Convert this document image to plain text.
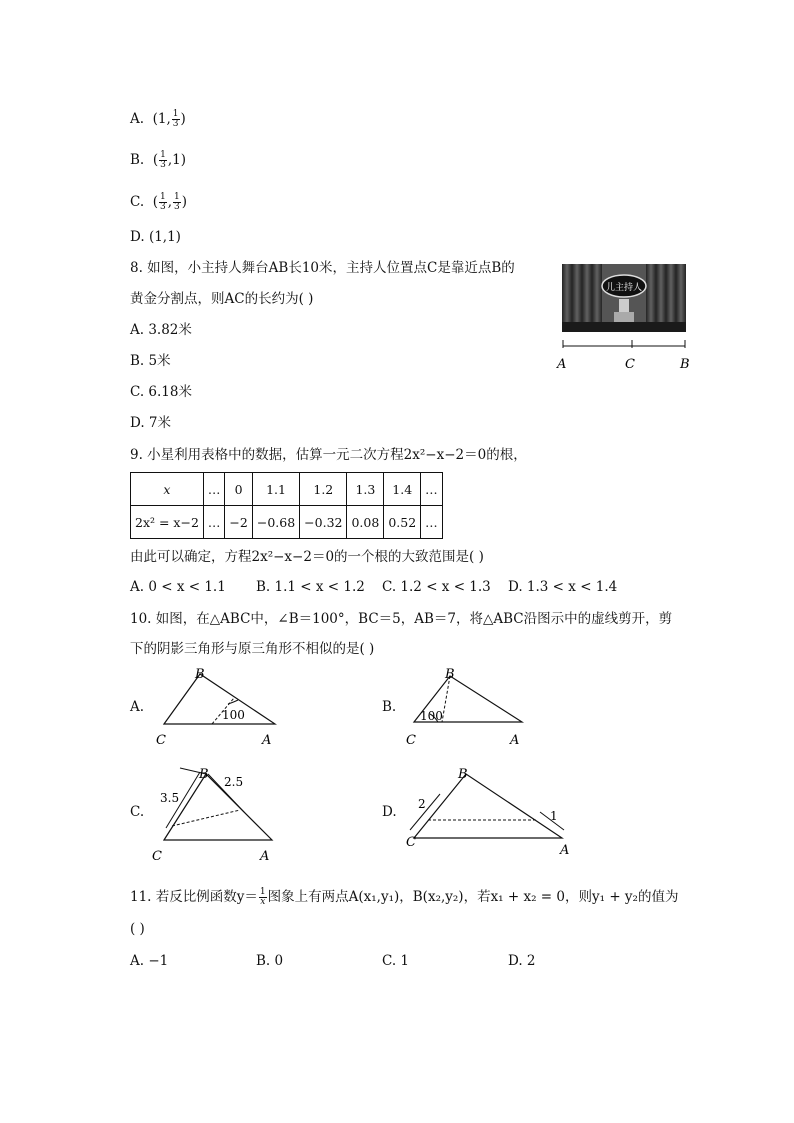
A. (1, $\frac{1}{3}$ )
B. ( $\frac{1}{3} ,1$)
C. ( $\frac{1}{3}$ , $\frac{1}{3}$ )
D. (1,1)
8. 如图，小主持人舞台AB长10米，主持人位置点C是靠近点B的
黄金分割点，则AC的长约为( )
A. 3.82米
B. 5米
C. 6.18米
D. 7米
儿主持人
A	C	B
9. 小星利用表格中的数据，估算一元二次方程2x²−x−2＝0的根，
x	…	0	1.1	1.2	1.3	1.4	…
2x² = x−2	…	−2	−0.68	−0.32	0.08	0.52	…
由此可以确定，方程2x²−x−2＝0的一个根的大致范围是( )
A. 0 < x < 1.1 B. 1.1 < x < 1.2 C. 1.2 < x < 1.3 D. 1.3 < x < 1.4
10. 如图，在△ABC中，∠B＝100°，BC＝5，AB＝7，将△ABC沿图示中的虚线剪开，剪
下的阴影三角形与原三角形不相似的是( )
A.
B
C	A
100	B.
B
C	A
100
C.
B
C	A
3.5
2.5
D.
B
C
A
2
1
11. 若反比例函数$y= \frac{1}{x}$ 图象上有两点A(x₁,y₁)，B(x₂,y₂)，若x₁ + x₂ = 0，则y₁ + y₂的值为
( )
A. −1	B. 0	C. 1	D. 2
